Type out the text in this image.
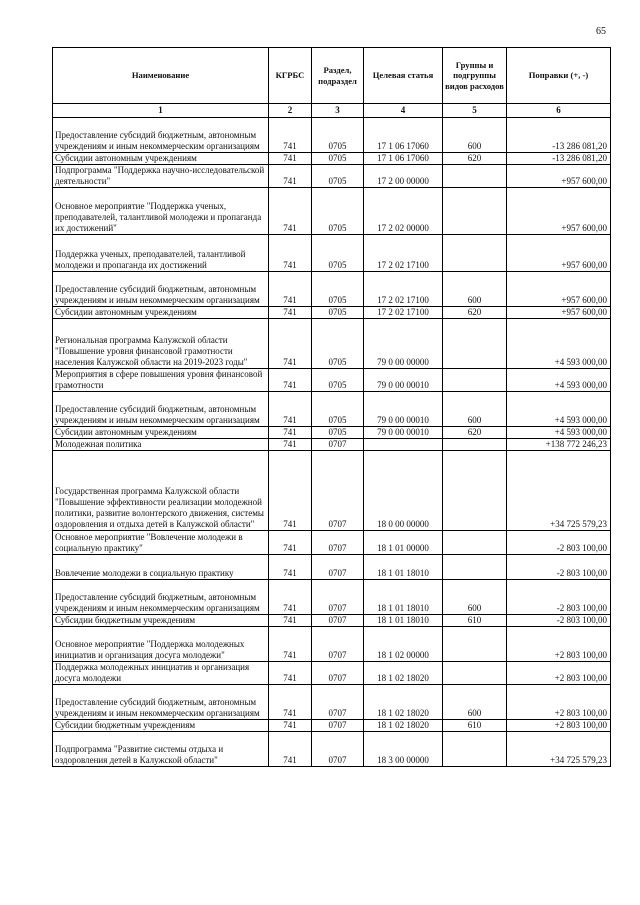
65
Наименование	КГРБС	Раздел, подраздел	Целевая статья	Группы и подгруппы видов расходов	Поправки (+, -)
1	2	3	4	5	6
Предоставление субсидий бюджетным, автономным учреждениям и иным некоммерческим организациям	741	0705	17 1 06 17060	600	-13 286 081,20
Субсидии автономным учреждениям	741	0705	17 1 06 17060	620	-13 286 081,20
Подпрограмма "Поддержка научно-исследовательской деятельности"	741	0705	17 2 00 00000		+957 600,00
Основное мероприятие "Поддержка ученых, преподавателей, талантливой молодежи и пропаганда их достижений"	741	0705	17 2 02 00000		+957 600,00
Поддержка ученых, преподавателей, талантливой молодежи и пропаганда их достижений	741	0705	17 2 02 17100		+957 600,00
Предоставление субсидий бюджетным, автономным учреждениям и иным некоммерческим организациям	741	0705	17 2 02 17100	600	+957 600,00
Субсидии автономным учреждениям	741	0705	17 2 02 17100	620	+957 600,00
Региональная программа Калужской области "Повышение уровня финансовой грамотности населения Калужской области на 2019-2023 годы"	741	0705	79 0 00 00000		+4 593 000,00
Мероприятия в сфере повышения уровня финансовой грамотности	741	0705	79 0 00 00010		+4 593 000,00
Предоставление субсидий бюджетным, автономным учреждениям и иным некоммерческим организациям	741	0705	79 0 00 00010	600	+4 593 000,00
Субсидии автономным учреждениям	741	0705	79 0 00 00010	620	+4 593 000,00
Молодежная политика	741	0707			+138 772 246,23
Государственная программа Калужской области "Повышение эффективности реализации молодежной политики, развитие волонтерского движения, системы оздоровления и отдыха детей в Калужской области"	741	0707	18 0 00 00000		+34 725 579,23
Основное мероприятие "Вовлечение молодежи в социальную практику"	741	0707	18 1 01 00000		-2 803 100,00
Вовлечение молодежи в социальную практику	741	0707	18 1 01 18010		-2 803 100,00
Предоставление субсидий бюджетным, автономным учреждениям и иным некоммерческим организациям	741	0707	18 1 01 18010	600	-2 803 100,00
Субсидии бюджетным учреждениям	741	0707	18 1 01 18010	610	-2 803 100,00
Основное мероприятие "Поддержка молодежных инициатив и организация досуга молодежи"	741	0707	18 1 02 00000		+2 803 100,00
Поддержка молодежных инициатив и организация досуга молодежи	741	0707	18 1 02 18020		+2 803 100,00
Предоставление субсидий бюджетным, автономным учреждениям и иным некоммерческим организациям	741	0707	18 1 02 18020	600	+2 803 100,00
Субсидии бюджетным учреждениям	741	0707	18 1 02 18020	610	+2 803 100,00
Подпрограмма "Развитие системы отдыха и оздоровления детей в Калужской области"	741	0707	18 3 00 00000		+34 725 579,23
